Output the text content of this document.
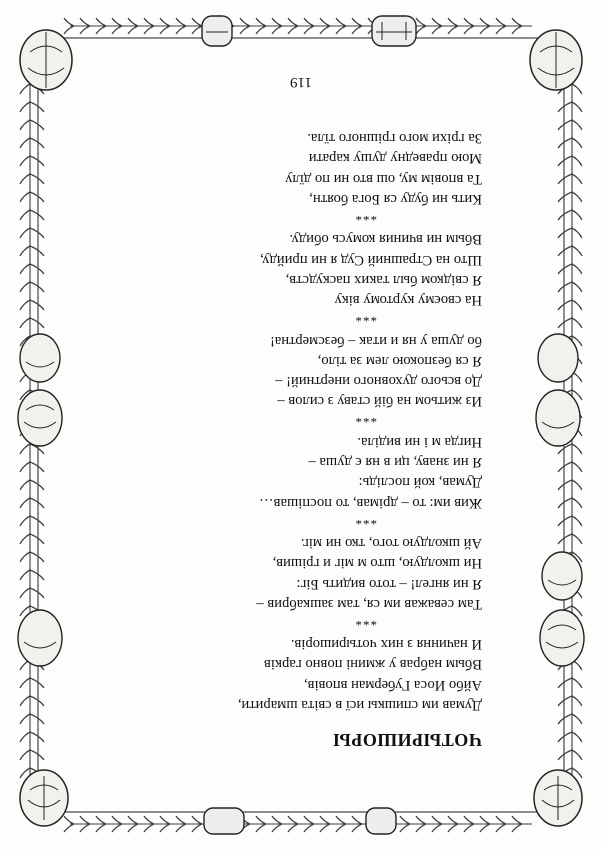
119
ЧОТЫРИШОРЫ
Думав им спишкы исї в світа шмарити,
Айбо Иоса Губерман вповів,
Вбым набрав у жмині повно гарків
И начиння з них чотыришорів.
***
Там севажав им ся, там зашкабрив –
Я ни янгел! – тото видить Біг:
Ни школдую, што м міг и грішив,
Ай школдую того, тко ни міг.
***
Жив им: то – дрімав, то поспішав…
Думав, кой послідь:
Я ни знаву, ци в ня є душа –
Нигда м і ни виділа.
***
Из житьом на бій ставу з силов –
До всього духовного инертний! –
Я ся безпокою лем за тіло,
бо душа у ня и итак – безсмертна!
***
На своєму куртому віку
Я свідком был таких паскудств,
Што на Страшний Суд я ни прийду,
Вбым ни вчиния комусь обиду.
***
Кить ни буду ся Бога боятн,
Та вповім му, ош вто ни по дїлу
Мою праведну душу карати
За гріхи мого грішного тїла.
